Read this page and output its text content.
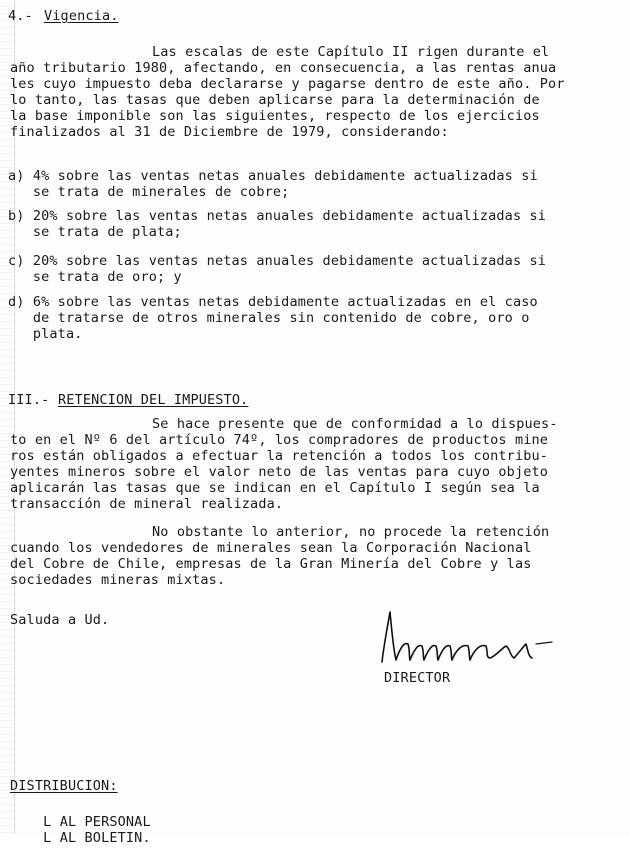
4.- Vigencia.
Las escalas de este Capítulo II rigen durante el
año tributario 1980, afectando, en consecuencia, a las rentas anua
les cuyo impuesto deba declararse y pagarse dentro de este año. Por
lo tanto, las tasas que deben aplicarse para la determinación de
la base imponible son las siguientes, respecto de los ejercicios
finalizados al 31 de Diciembre de 1979, considerando:
a) 4% sobre las ventas netas anuales debidamente actualizadas si
se trata de minerales de cobre;
b) 20% sobre las ventas netas anuales debidamente actualizadas si
se trata de plata;
c) 20% sobre las ventas netas anuales debidamente actualizadas si
se trata de oro; y
d) 6% sobre las ventas netas debidamente actualizadas en el caso
de tratarse de otros minerales sin contenido de cobre, oro o
plata.
III.- RETENCION DEL IMPUESTO.
Se hace presente que de conformidad a lo dispues-
to en el Nº 6 del artículo 74º, los compradores de productos mine
ros están obligados a efectuar la retención a todos los contribu-
yentes mineros sobre el valor neto de las ventas para cuyo objeto
aplicarán las tasas que se indican en el Capítulo I según sea la
transacción de mineral realizada.
No obstante lo anterior, no procede la retención
cuando los vendedores de minerales sean la Corporación Nacional
del Cobre de Chile, empresas de la Gran Minería del Cobre y las
sociedades mineras mixtas.
Saluda a Ud.
DIRECTOR
DISTRIBUCION:

L AL PERSONAL

L AL BOLETIN.
